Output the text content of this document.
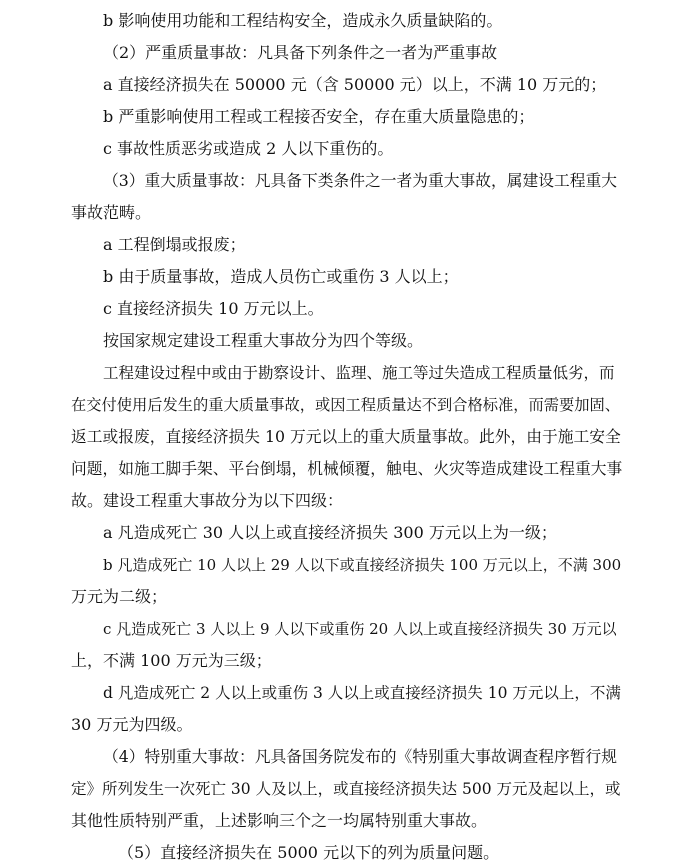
b 影响使用功能和工程结构安全，造成永久质量缺陷的。
（2）严重质量事故：凡具备下列条件之一者为严重事故
a 直接经济损失在 50000 元（含 50000 元）以上，不满 10 万元的；
b 严重影响使用工程或工程接否安全，存在重大质量隐患的；
c 事故性质恶劣或造成 2 人以下重伤的。
（3）重大质量事故：凡具备下类条件之一者为重大事故，属建设工程重大
事故范畴。
a 工程倒塌或报废；
b 由于质量事故，造成人员伤亡或重伤 3 人以上；
c 直接经济损失 10 万元以上。
按国家规定建设工程重大事故分为四个等级。
工程建设过程中或由于勘察设计、监理、施工等过失造成工程质量低劣，而
在交付使用后发生的重大质量事故，或因工程质量达不到合格标准，而需要加固、
返工或报废，直接经济损失 10 万元以上的重大质量事故。此外，由于施工安全
问题，如施工脚手架、平台倒塌，机械倾覆，触电、火灾等造成建设工程重大事
故。建设工程重大事故分为以下四级：
a 凡造成死亡 30 人以上或直接经济损失 300 万元以上为一级；
b 凡造成死亡 10 人以上 29 人以下或直接经济损失 100 万元以上，不满 300
万元为二级；
c 凡造成死亡 3 人以上 9 人以下或重伤 20 人以上或直接经济损失 30 万元以
上，不满 100 万元为三级；
d 凡造成死亡 2 人以上或重伤 3 人以上或直接经济损失 10 万元以上，不满
30 万元为四级。
（4）特别重大事故：凡具备国务院发布的《特别重大事故调查程序暂行规
定》所列发生一次死亡 30 人及以上，或直接经济损失达 500 万元及起以上，或
其他性质特别严重，上述影响三个之一均属特别重大事故。
（5）直接经济损失在 5000 元以下的列为质量问题。
